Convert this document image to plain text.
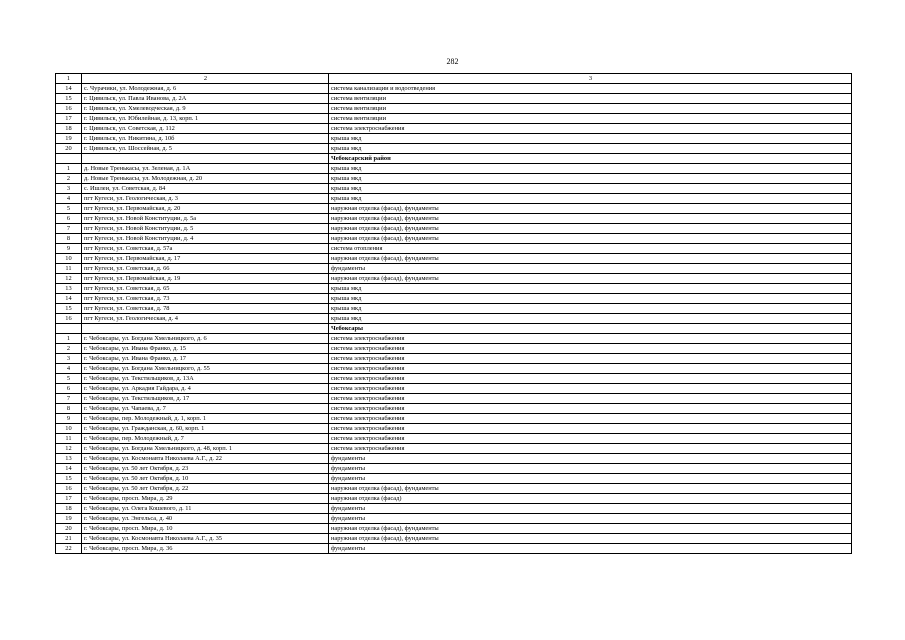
282
1	2	3
14	с. Чурачики, ул. Молодежная, д. 6	система канализации и водоотведения
15	г. Цивильск, ул. Павла Иванова, д. 2А	система вентиляции
16	г. Цивильск, ул. Хмелеводческая, д. 9	система вентиляции
17	г. Цивильск, ул. Юбилейная, д. 13, корп. 1	система вентиляции
18	г. Цивильск, ул. Советская, д. 112	система электроснабжения
19	г. Цивильск, ул. Никитина, д. 10б	крыша мкд
20	г. Цивильск, ул. Шоссейная, д. 5	крыша мкд
		Чебоксарский район
1	д. Новые Тренькасы, ул. Зеленая, д. 1А	крыша мкд
2	д. Новые Тренькасы, ул. Молодежная, д. 20	крыша мкд
3	с. Ишлеи, ул. Советская, д. 84	крыша мкд
4	пгт Кугеси, ул. Геологическая, д. 3	крыша мкд
5	пгт Кугеси, ул. Первомайская, д. 20	наружная отделка (фасад), фундаменты
6	пгт Кугеси, ул. Новой Конституции, д. 5а	наружная отделка (фасад), фундаменты
7	пгт Кугеси, ул. Новой Конституции, д. 5	наружная отделка (фасад), фундаменты
8	пгт Кугеси, ул. Новой Конституции, д. 4	наружная отделка (фасад), фундаменты
9	пгт Кугеси, ул. Советская, д. 57а	система отопления
10	пгт Кугеси, ул. Первомайская, д. 17	наружная отделка (фасад), фундаменты
11	пгт Кугеси, ул. Советская, д. 66	фундаменты
12	пгт Кугеси, ул. Первомайская, д. 19	наружная отделка (фасад), фундаменты
13	пгт Кугеси, ул. Советская, д. 65	крыша мкд
14	пгт Кугеси, ул. Советская, д. 73	крыша мкд
15	пгт Кугеси, ул. Советская, д. 78	крыша мкд
16	пгт Кугеси, ул. Геологическая, д. 4	крыша мкд
		Чебоксары
1	г. Чебоксары, ул. Богдана Хмельницкого, д. 6	система электроснабжения
2	г. Чебоксары, ул. Ивана Франко, д. 15	система электроснабжения
3	г. Чебоксары, ул. Ивана Франко, д. 17	система электроснабжения
4	г. Чебоксары, ул. Богдана Хмельницкого, д. 55	система электроснабжения
5	г. Чебоксары, ул. Текстильщиков, д. 13А	система электроснабжения
6	г. Чебоксары, ул. Аркадия Гайдара, д. 4	система электроснабжения
7	г. Чебоксары, ул. Текстильщиков, д. 17	система электроснабжения
8	г. Чебоксары, ул. Чапаева, д. 7	система электроснабжения
9	г. Чебоксары, пер. Молодежный, д. 1, корп. 1	система электроснабжения
10	г. Чебоксары, ул. Гражданская, д. 60, корп. 1	система электроснабжения
11	г. Чебоксары, пер. Молодежный, д. 7	система электроснабжения
12	г. Чебоксары, ул. Богдана Хмельницкого, д. 48, корп. 1	система электроснабжения
13	г. Чебоксары, ул. Космонавта Николаева А.Г., д. 22	фундаменты
14	г. Чебоксары, ул. 50 лет Октября, д. 23	фундаменты
15	г. Чебоксары, ул. 50 лет Октября, д. 10	фундаменты
16	г. Чебоксары, ул. 50 лет Октября, д. 22	наружная отделка (фасад), фундаменты
17	г. Чебоксары, просп. Мира, д. 29	наружная отделка (фасад)
18	г. Чебоксары, ул. Олега Кошевого, д. 11	фундаменты
19	г. Чебоксары, ул. Энгельса, д. 40	фундаменты
20	г. Чебоксары, просп. Мира, д. 10	наружная отделка (фасад), фундаменты
21	г. Чебоксары, ул. Космонавта Николаева А.Г., д. 35	наружная отделка (фасад), фундаменты
22	г. Чебоксары, просп. Мира, д. 36	фундаменты
